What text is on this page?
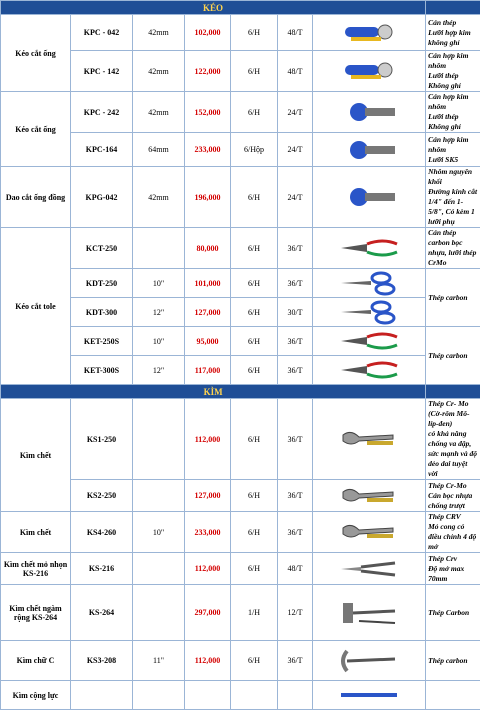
KÉO							
Kéo cắt ống	KPC - 042	42mm	102,000	6/H	48/T		Cán thép
Lưỡi hợp kim không ghỉ

	KPC - 142	42mm	122,000	6/H	48/T		Cán hợp kim nhôm
Lưỡi thép Không ghỉ

Kéo cắt ống	KPC - 242	42mm	152,000	6/H	24/T		Cán hợp kim nhôm
Lưỡi thép Không ghỉ

	KPC-164	64mm	233,000	6/Hộp	24/T		Cán hợp kim nhôm
Lưỡi SK5

Dao cắt ống đồng	KPG-042	42mm	196,000	6/H	24/T		Nhôm nguyên khối
Đường kính cắt 1/4" đến 1-5/8", Có kèm 1 lưỡi phụ

Kéo cắt tole	KCT-250		80,000	6/H	36/T		Cán thép carbon bọc nhựa, lưỡi thép CrMo

	KDT-250	10"	101,000	6/H	36/T		Thép carbon

	KDT-300	12"	127,000	6/H	30/T	

	KET-250S	10"	95,000	6/H	36/T		Thép carbon

	KET-300S	12"	117,000	6/H	36/T	

KÌM							
Kìm chết	KS1-250		112,000	6/H	36/T		Thép Cr- Mo
(Cờ-rôm Mô-líp-đen)
có khả năng chống va đập, sức mạnh và độ dẻo dai tuyệt vời

	KS2-250		127,000	6/H	36/T		Thép Cr-Mo
Cán bọc nhựa chống trượt

Kìm chết	KS4-260	10"	233,000	6/H	36/T		Thép CRV
Mỏ cong có điều chỉnh 4 độ mở

Kìm chết mỏ nhọn KS-216	KS-216		112,000	6/H	48/T		Thép Crv
Độ mở max 70mm

Kìm chết ngàm rộng KS-264	KS-264		297,000	1/H	12/T		Thép Carbon

Kìm chữ C	KS3-208	11"	112,000	6/H	36/T		Thép carbon

Kìm cộng lực						
